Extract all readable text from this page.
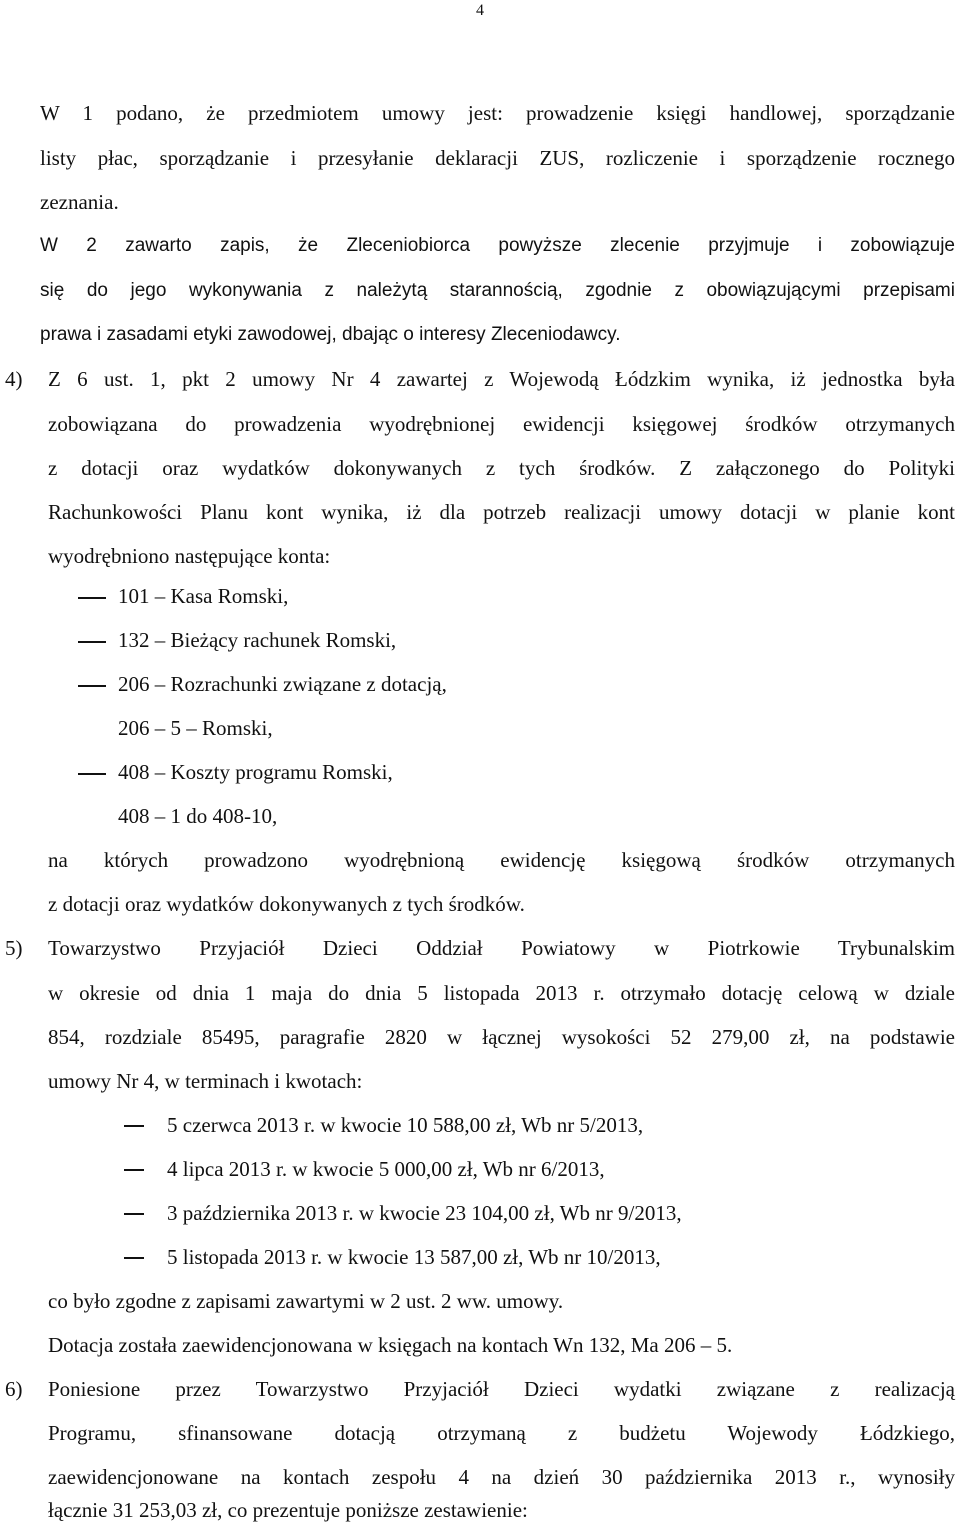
4
W 1 podano, że przedmiotem umowy jest: prowadzenie księgi handlowej, sporządzanie
listy płac, sporządzanie i przesyłanie deklaracji ZUS, rozliczenie i sporządzenie rocznego
zeznania.
W 2 zawarto zapis, że Zleceniobiorca powyższe zlecenie przyjmuje i zobowiązuje
się do jego wykonywania z należytą starannością, zgodnie z obowiązującymi przepisami
prawa i zasadami etyki zawodowej, dbając o interesy Zleceniodawcy.
4) Z 6 ust. 1, pkt 2 umowy Nr 4 zawartej z Wojewodą Łódzkim wynika, iż jednostka była
zobowiązana do prowadzenia wyodrębnionej ewidencji księgowej środków otrzymanych
z dotacji oraz wydatków dokonywanych z tych środków. Z załączonego do Polityki
Rachunkowości Planu kont wynika, iż dla potrzeb realizacji umowy dotacji w planie kont
wyodrębniono następujące konta:
101 – Kasa Romski,
132 – Bieżący rachunek Romski,
206 – Rozrachunki związane z dotacją,
206 – 5 – Romski,
408 – Koszty programu Romski,
408 – 1 do 408-10,
na których prowadzono wyodrębnioną ewidencję księgową środków otrzymanych
z dotacji oraz wydatków dokonywanych z tych środków.
5) Towarzystwo Przyjaciół Dzieci Oddział Powiatowy w Piotrkowie Trybunalskim
w okresie od dnia 1 maja do dnia 5 listopada 2013 r. otrzymało dotację celową w dziale
854, rozdziale 85495, paragrafie 2820 w łącznej wysokości 52 279,00 zł, na podstawie
umowy Nr 4, w terminach i kwotach:
5 czerwca 2013 r. w kwocie 10 588,00 zł, Wb nr 5/2013,
4 lipca 2013 r. w kwocie 5 000,00 zł, Wb nr 6/2013,
3 października 2013 r. w kwocie 23 104,00 zł, Wb nr 9/2013,
5 listopada 2013 r. w kwocie 13 587,00 zł, Wb nr 10/2013,
co było zgodne z zapisami zawartymi w 2 ust. 2 ww. umowy.
Dotacja została zaewidencjonowana w księgach na kontach Wn 132, Ma 206 – 5.
6) Poniesione przez Towarzystwo Przyjaciół Dzieci wydatki związane z realizacją
Programu, sfinansowane dotacją otrzymaną z budżetu Wojewody Łódzkiego,
zaewidencjonowane na kontach zespołu 4 na dzień 30 października 2013 r., wynosiły
łącznie 31 253,03 zł, co prezentuje poniższe zestawienie:
